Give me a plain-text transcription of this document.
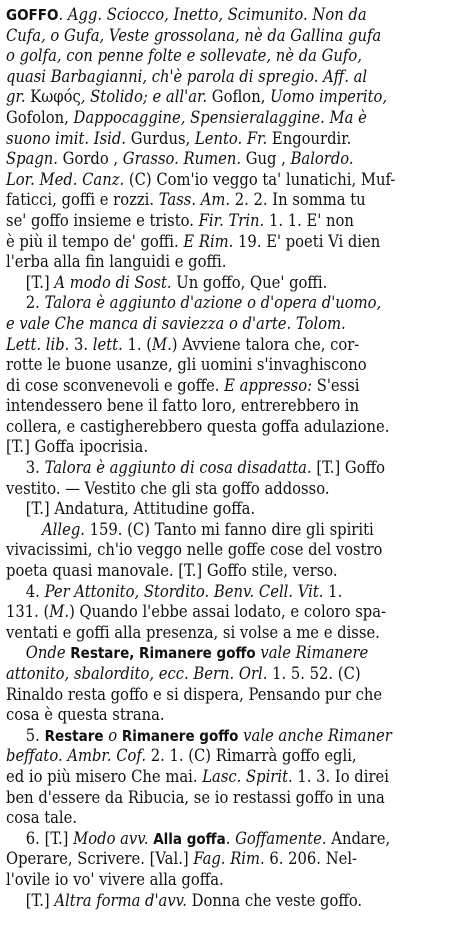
GOFFO. Agg. Sciocco, Inetto, Scimunito. Non da
Cufa, o Gufa, Veste grossolana, nè da Gallina gufa
o golfa, con penne folte e sollevate, nè da Gufo,
quasi Barbagianni, ch'è parola di spregio. Aff. al
gr. Κωφός, Stolido; e all'ar. Goflon, Uomo imperito,
Gofolon, Dappocaggine, Spensieralaggine. Ma è
suono imit. Isid. Gurdus, Lento. Fr. Engourdir.
Spagn. Gordo , Grasso. Rumen. Gug , Balordo.
Lor. Med. Canz. (C) Com'io veggo ta' lunatichi, Muf-
faticci, goffi e rozzi. Tass. Am. 2. 2. In somma tu
se' goffo insieme e tristo. Fir. Trin. 1. 1. E' non
è più il tempo de' goffi. E Rim. 19. E' poeti Vi dien
l'erba alla fin languidi e goffi.
[T.] A modo di Sost. Un goffo, Que' goffi.
2. Talora è aggiunto d'azione o d'opera d'uomo,
e vale Che manca di saviezza o d'arte. Tolom.
Lett. lib. 3. lett. 1. (M.) Avviene talora che, cor-
rotte le buone usanze, gli uomini s'invaghiscono
di cose sconvenevoli e goffe. E appresso: S'essi
intendessero bene il fatto loro, entrerebbero in
collera, e castigherebbero questa goffa adulazione.
[T.] Goffa ipocrisia.
3. Talora è aggiunto di cosa disadatta. [T.] Goffo
vestito. — Vestito che gli sta goffo addosso.
[T.] Andatura, Attitudine goffa.
Alleg. 159. (C) Tanto mi fanno dire gli spiriti
vivacissimi, ch'io veggo nelle goffe cose del vostro
poeta quasi manovale. [T.] Goffo stile, verso.
4. Per Attonito, Stordito. Benv. Cell. Vit. 1.
131. (M.) Quando l'ebbe assai lodato, e coloro spa-
ventati e goffi alla presenza, si volse a me e disse.
Onde Restare, Rimanere goffo vale Rimanere
attonito, sbalordito, ecc. Bern. Orl. 1. 5. 52. (C)
Rinaldo resta goffo e si dispera, Pensando pur che
cosa è questa strana.
5. Restare o Rimanere goffo vale anche Rimaner
beffato. Ambr. Cof. 2. 1. (C) Rimarrà goffo egli,
ed io più misero Che mai. Lasc. Spirit. 1. 3. Io direi
ben d'essere da Ribucia, se io restassi goffo in una
cosa tale.
6. [T.] Modo avv. Alla goffa. Goffamente. Andare,
Operare, Scrivere. [Val.] Fag. Rim. 6. 206. Nel-
l'ovile io vo' vivere alla goffa.
[T.] Altra forma d'avv. Donna che veste goffo.
